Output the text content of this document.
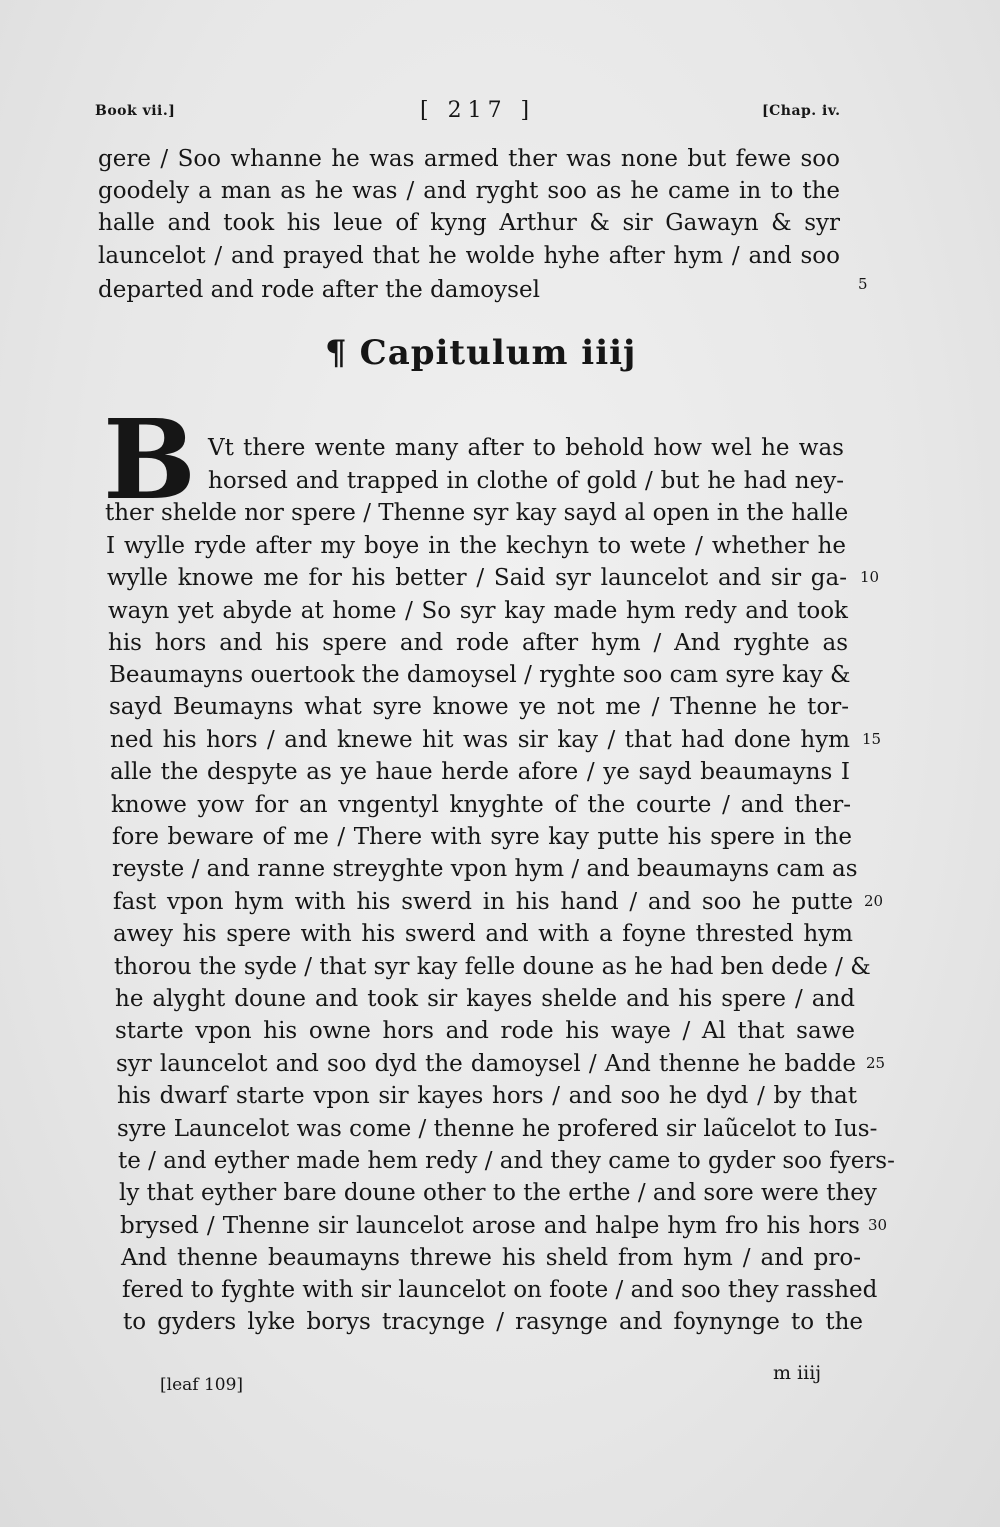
Book vii.]	[ 217 ]	[Chap. iv.
gere / Soo whanne he was armed ther was none but fewe soo
goodely a man as he was / and ryght soo as he came in to the
halle and took his leue of kyng Arthur & sir Gawayn & syr
launcelot / and prayed that he wolde hyhe after hym / and soo
departed and rode after the damoysel	5
¶ Capitulum iiij
B Vt there wente many after to behold how wel he was
horsed and trapped in clothe of gold / but he had ney-
ther shelde nor spere / Thenne syr kay sayd al open in the halle
I wylle ryde after my boye in the kechyn to wete / whether he
wylle knowe me for his better / Said syr launcelot and sir ga-
wayn yet abyde at home / So syr kay made hym redy and took
his hors and his spere and rode after hym / And ryghte as
Beaumayns ouertook the damoysel / ryghte soo cam syre kay &
sayd Beumayns what syre knowe ye not me / Thenne he tor-
ned his hors / and knewe hit was sir kay / that had done hym
alle the despyte as ye haue herde afore / ye sayd beaumayns I
knowe yow for an vngentyl knyghte of the courte / and ther-
fore beware of me / There with syre kay putte his spere in the
reyste / and ranne streyghte vpon hym / and beaumayns cam as
fast vpon hym with his swerd in his hand / and soo he putte
awey his spere with his swerd and with a foyne thrested hym
thorou the syde / that syr kay felle doune as he had ben dede / &
he alyght doune and took sir kayes shelde and his spere / and
starte vpon his owne hors and rode his waye / Al that sawe
syr launcelot and soo dyd the damoysel / And thenne he badde
his dwarf starte vpon sir kayes hors / and soo he dyd / by that
syre Launcelot was come / thenne he profered sir laũcelot to Ius-
te / and eyther made hem redy / and they came to gyder soo fyers-
ly that eyther bare doune other to the erthe / and sore were they
brysed / Thenne sir launcelot arose and halpe hym fro his hors
And thenne beaumayns threwe his sheld from hym / and pro-
fered to fyghte with sir launcelot on foote / and soo they rasshed
to gyders lyke borys tracynge / rasynge and foynynge to the
10
15
20
25
30
[leaf 109]
m iiij
